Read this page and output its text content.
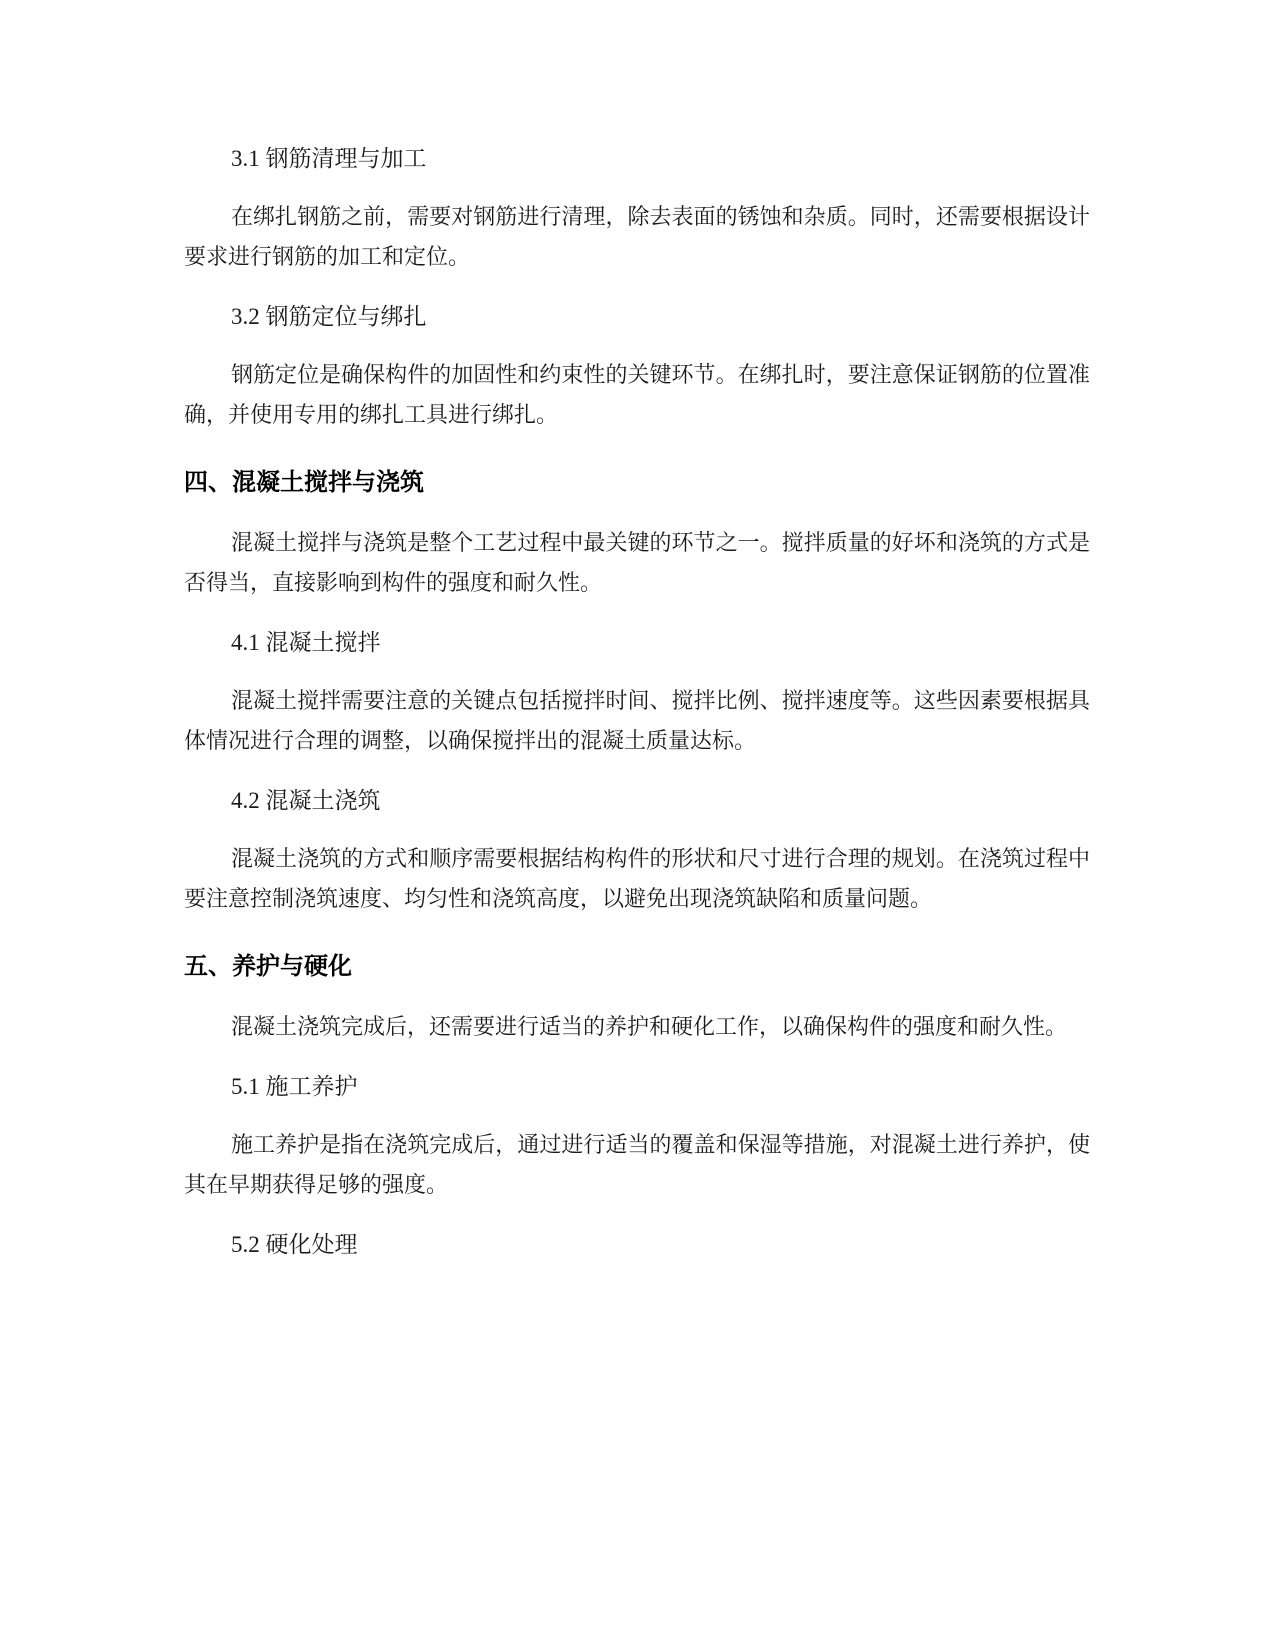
3.1 钢筋清理与加工

在绑扎钢筋之前，需要对钢筋进行清理，除去表面的锈蚀和杂质。同时，还需要根据设计要求进行钢筋的加工和定位。

3.2 钢筋定位与绑扎

钢筋定位是确保构件的加固性和约束性的关键环节。在绑扎时，要注意保证钢筋的位置准确，并使用专用的绑扎工具进行绑扎。

四、混凝土搅拌与浇筑

混凝土搅拌与浇筑是整个工艺过程中最关键的环节之一。搅拌质量的好坏和浇筑的方式是否得当，直接影响到构件的强度和耐久性。

4.1 混凝土搅拌

混凝土搅拌需要注意的关键点包括搅拌时间、搅拌比例、搅拌速度等。这些因素要根据具体情况进行合理的调整，以确保搅拌出的混凝土质量达标。

4.2 混凝土浇筑

混凝土浇筑的方式和顺序需要根据结构构件的形状和尺寸进行合理的规划。在浇筑过程中要注意控制浇筑速度、均匀性和浇筑高度，以避免出现浇筑缺陷和质量问题。

五、养护与硬化

混凝土浇筑完成后，还需要进行适当的养护和硬化工作，以确保构件的强度和耐久性。

5.1 施工养护

施工养护是指在浇筑完成后，通过进行适当的覆盖和保湿等措施，对混凝土进行养护，使其在早期获得足够的强度。

5.2 硬化处理
